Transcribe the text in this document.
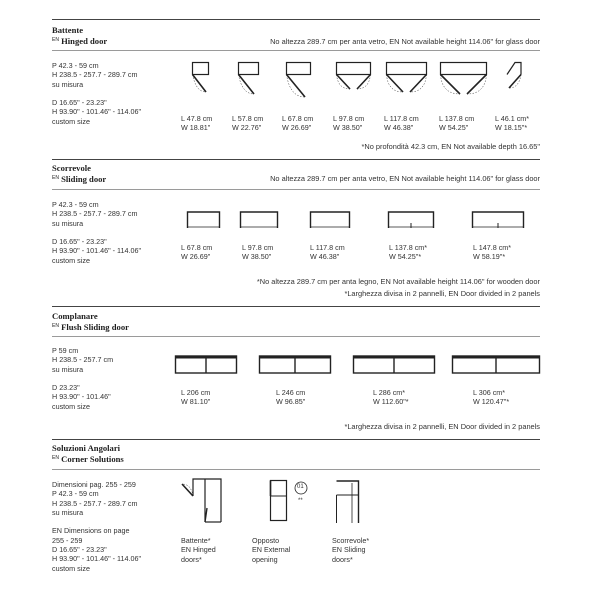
Battente
$^{EN}$ Hinged door	No altezza 289.7 cm per anta vetro, EN Not available height 114.06" for glass door
P 42.3 - 59 cm
H 238.5 - 257.7 - 289.7 cm
su misura

D 16.65" - 23.23"
H 93.90" - 101.46" - 114.06"
custom size	L 47.8 cm
W 18.81"
L 57.8 cm
W 22.76"
L 67.8 cm
W 26.69"
L 97.8 cm
W 38.50"
L 117.8 cm
W 46.38"
L 137.8 cm
W 54.25"
L 46.1 cm*
W 18.15"*
*No profondità 42.3 cm, EN Not available depth 16.65"
Scorrevole
$^{EN}$ Sliding door	No altezza 289.7 cm per anta vetro, EN Not available height 114.06" for glass door
P 42.3 - 59 cm
H 238.5 - 257.7 - 289.7 cm
su misura

D 16.65" - 23.23"
H 93.90" - 101.46" - 114.06"
custom size
L 67.8 cm
W 26.69"
L 97.8 cm
W 38.50"
L 117.8 cm
W 46.38"
L 137.8 cm*
W 54.25"*
L 147.8 cm*
W 58.19"*
*No altezza 289.7 cm per anta legno, EN Not available height 114.06" for wooden door
*Larghezza divisa in 2 pannelli, EN Door divided in 2 panels
Complanare
$^{EN}$ Flush Sliding door
P 59 cm
H 238.5 - 257.7 cm
su misura

D 23.23"
H 93.90" - 101.46"
custom size
L 206 cm
W 81.10"
L 246 cm
W 96.85"
L 286 cm*
W 112.60"*
L 306 cm*
W 120.47"*
*Larghezza divisa in 2 pannelli, EN Door divided in 2 panels
Soluzioni Angolari
$^{EN}$ Corner Solutions
Dimensioni pag. 255 - 259
P 42.3 - 59 cm
H 238.5 - 257.7 - 289.7 cm
su misura

EN Dimensions on page
255 - 259
D 16.65" - 23.23"
H 93.90" - 101.46" - 114.06"
custom size
01
**
Battente*
EN Hinged
doors*
Opposto
EN External
opening
Scorrevole*
EN Sliding
doors*
